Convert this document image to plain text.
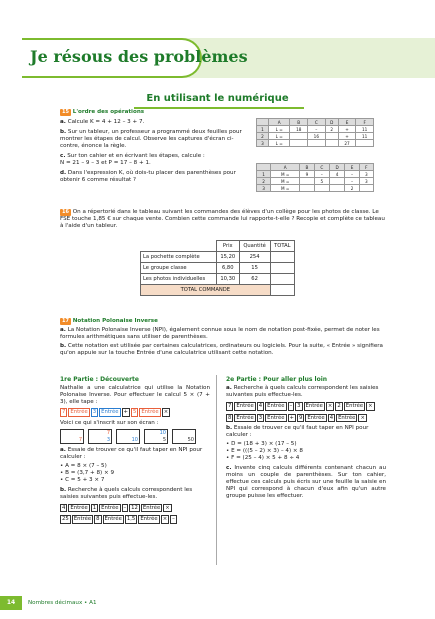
Je résous des problèmes
En utilisant le numérique
15 L'ordre des opérations
a. Calcule K = 4 + 12 – 3 + 7.
b. Sur un tableur, un professeur a programmé deux feuilles pour montrer les étapes de calcul. Observe les captures d'écran ci-contre, énonce la règle.
c. Sur ton cahier et en écrivant les étapes, calcule :
N = 21 – 9 – 3 et P = 17 – 8 + 1.
d. Dans l'expression K, où dois-tu placer des parenthèses pour obtenir 6 comme résultat ?
	A	B	C	D	E	F
1	L =	18	–	2	+	11
2	L =		16		+	11
3	L =				27	
	A	B	C	D	E	F
1	M =	9	–	4	–	3
2	M =		5		–	3
3	M =				2	
16 On a répertorié dans le tableau suivant les commandes des élèves d'un collège pour les photos de classe. Le FSE touche 1,85 € sur chaque vente. Combien cette commande lui rapporte-t-elle ? Recopie et complète ce tableau à l'aide d'un tableur.
	Prix	Quantité	TOTAL
La pochette complète	15,20	254	
Le groupe classe	6,80	15	
Les photos individuelles	10,30	62	
TOTAL COMMANDE			
17 Notation Polonaise Inverse
a. La Notation Polonaise Inverse (NPI), également connue sous le nom de notation post-fixée, permet de noter les formules arithmétiques sans utiliser de parenthèses.
b. Cette notation est utilisée par certaines calculatrices, ordinateurs ou logiciels. Pour la suite, « Entrée » signifiera qu'on appuie sur la touche Entrée d'une calculatrice utilisant cette notation.
1re Partie : Découverte
Nathalie a une calculatrice qui utilise la Notation Polonaise Inverse. Pour effectuer le calcul 5 × (7 + 3), elle tape :
7 Entrée 3 Entrée + 5 Entrée ×
Voici ce qui s'inscrit sur son écran :
7
7
3	10
10
5	50
a. Essaie de trouver ce qu'il faut taper en NPI pour calculer :
• A = 8 × (7 – 5)
• B = (3,7 + 8) × 9
• C = 5 + 3 × 7
b. Recherche à quels calculs correspondent les saisies suivantes puis effectue-les.
4 Entrée 1 Entrée – 12 Entrée ×
25 Entrée 8 Entrée 1,5 Entrée × –
2e Partie : Pour aller plus loin
a. Recherche à quels calculs correspondent les saisies suivantes puis effectue-les.
7 Entrée 4 Entrée – 3 Entrée × 2 Entrée ×
8 Entrée 3 Entrée + 9 Entrée 4 Entrée ×
b. Essaie de trouver ce qu'il faut taper en NPI pour calculer :
• D = (18 + 3) × (17 – 5)
• E = (((5 – 2) × 3) – 4) × 8
• F = (25 – 4) × 5 + 8 ÷ 4
c. Invente cinq calculs différents contenant chacun au moins un couple de parenthèses. Sur ton cahier, effectue ces calculs puis écris sur une feuille la saisie en NPI qui correspond à chacun d'eux afin qu'un autre groupe puisse les effectuer.
14	Nombres décimaux • A1
